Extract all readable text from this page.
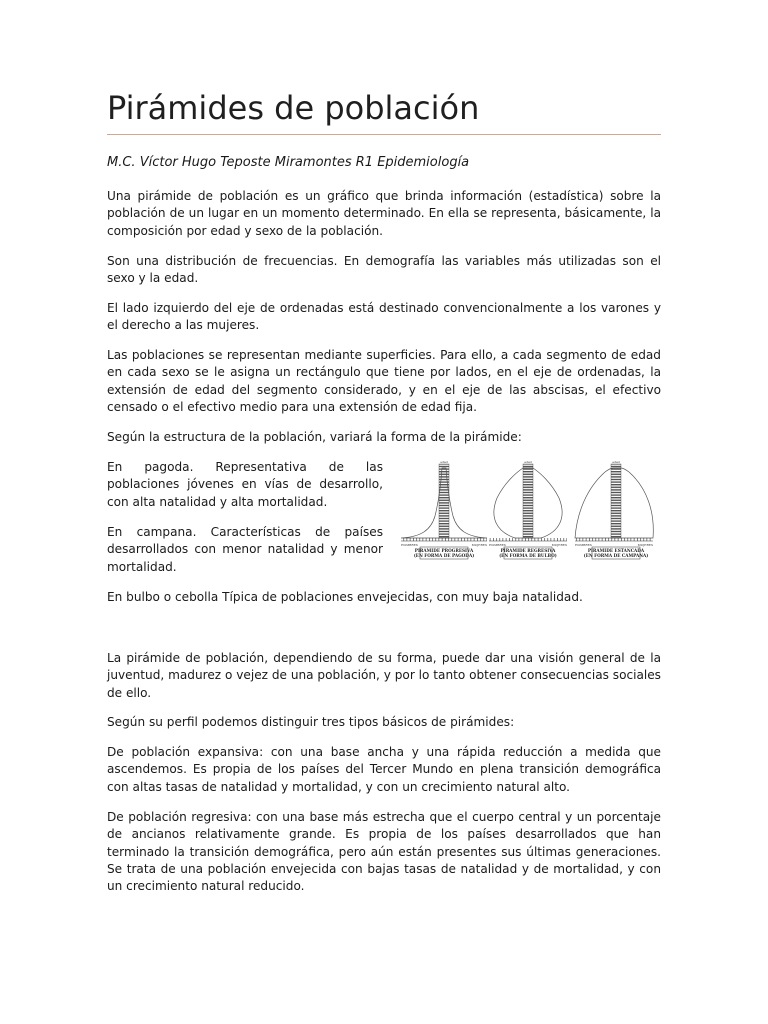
Pirámides de población
M.C. Víctor Hugo Teposte Miramontes R1 Epidemiología

Una pirámide de población es un gráfico que brinda información (estadística) sobre la población de un lugar en un momento determinado. En ella se representa, básicamente, la composición por edad y sexo de la población.

Son una distribución de frecuencias. En demografía las variables más utilizadas son el sexo y la edad.

El lado izquierdo del eje de ordenadas está destinado convencionalmente a los varones y el derecho a las mujeres.

Las poblaciones se representan mediante superficies. Para ello, a cada segmento de edad en cada sexo se le asigna un rectángulo que tiene por lados, en el eje de ordenadas, la extensión de edad del segmento considerado, y en el eje de las abscisas, el efectivo censado o el efectivo medio para una extensión de edad fija.

Según la estructura de la población, variará la forma de la pirámide:

En pagoda. Representativa de las poblaciones jóvenes en vías de desarrollo, con alta natalidad y alta mortalidad.

En campana. Características de países desarrollados con menor natalidad y menor mortalidad.

En bulbo o cebolla Típica de poblaciones envejecidas, con muy baja natalidad.

La pirámide de población, dependiendo de su forma, puede dar una visión general de la juventud, madurez o vejez de una población, y por lo tanto obtener consecuencias sociales de ello.

Según su perfil podemos distinguir tres tipos básicos de pirámides:

De población expansiva: con una base ancha y una rápida reducción a medida que ascendemos. Es propia de los países del Tercer Mundo en plena transición demográfica con altas tasas de natalidad y mortalidad, y con un crecimiento natural alto.

De población regresiva: con una base más estrecha que el cuerpo central y un porcentaje de ancianos relativamente grande. Es propia de los países desarrollados que han terminado la transición demográfica, pero aún están presentes sus últimas generaciones. Se trata de una población envejecida con bajas tasas de natalidad y de mortalidad, y con un crecimiento natural reducido.

edad
HOMBRES	MUJERES
PIRAMIDE PROGRESIVA
(EN FORMA DE PAGODA)
edad
HOMBRES	MUJERES
PIRAMIDE REGRESIVA
(EN FORMA DE BULBO)
edad
HOMBRES	MUJERES
PIRAMIDE ESTANCADA
(EN FORMA DE CAMPANA)
